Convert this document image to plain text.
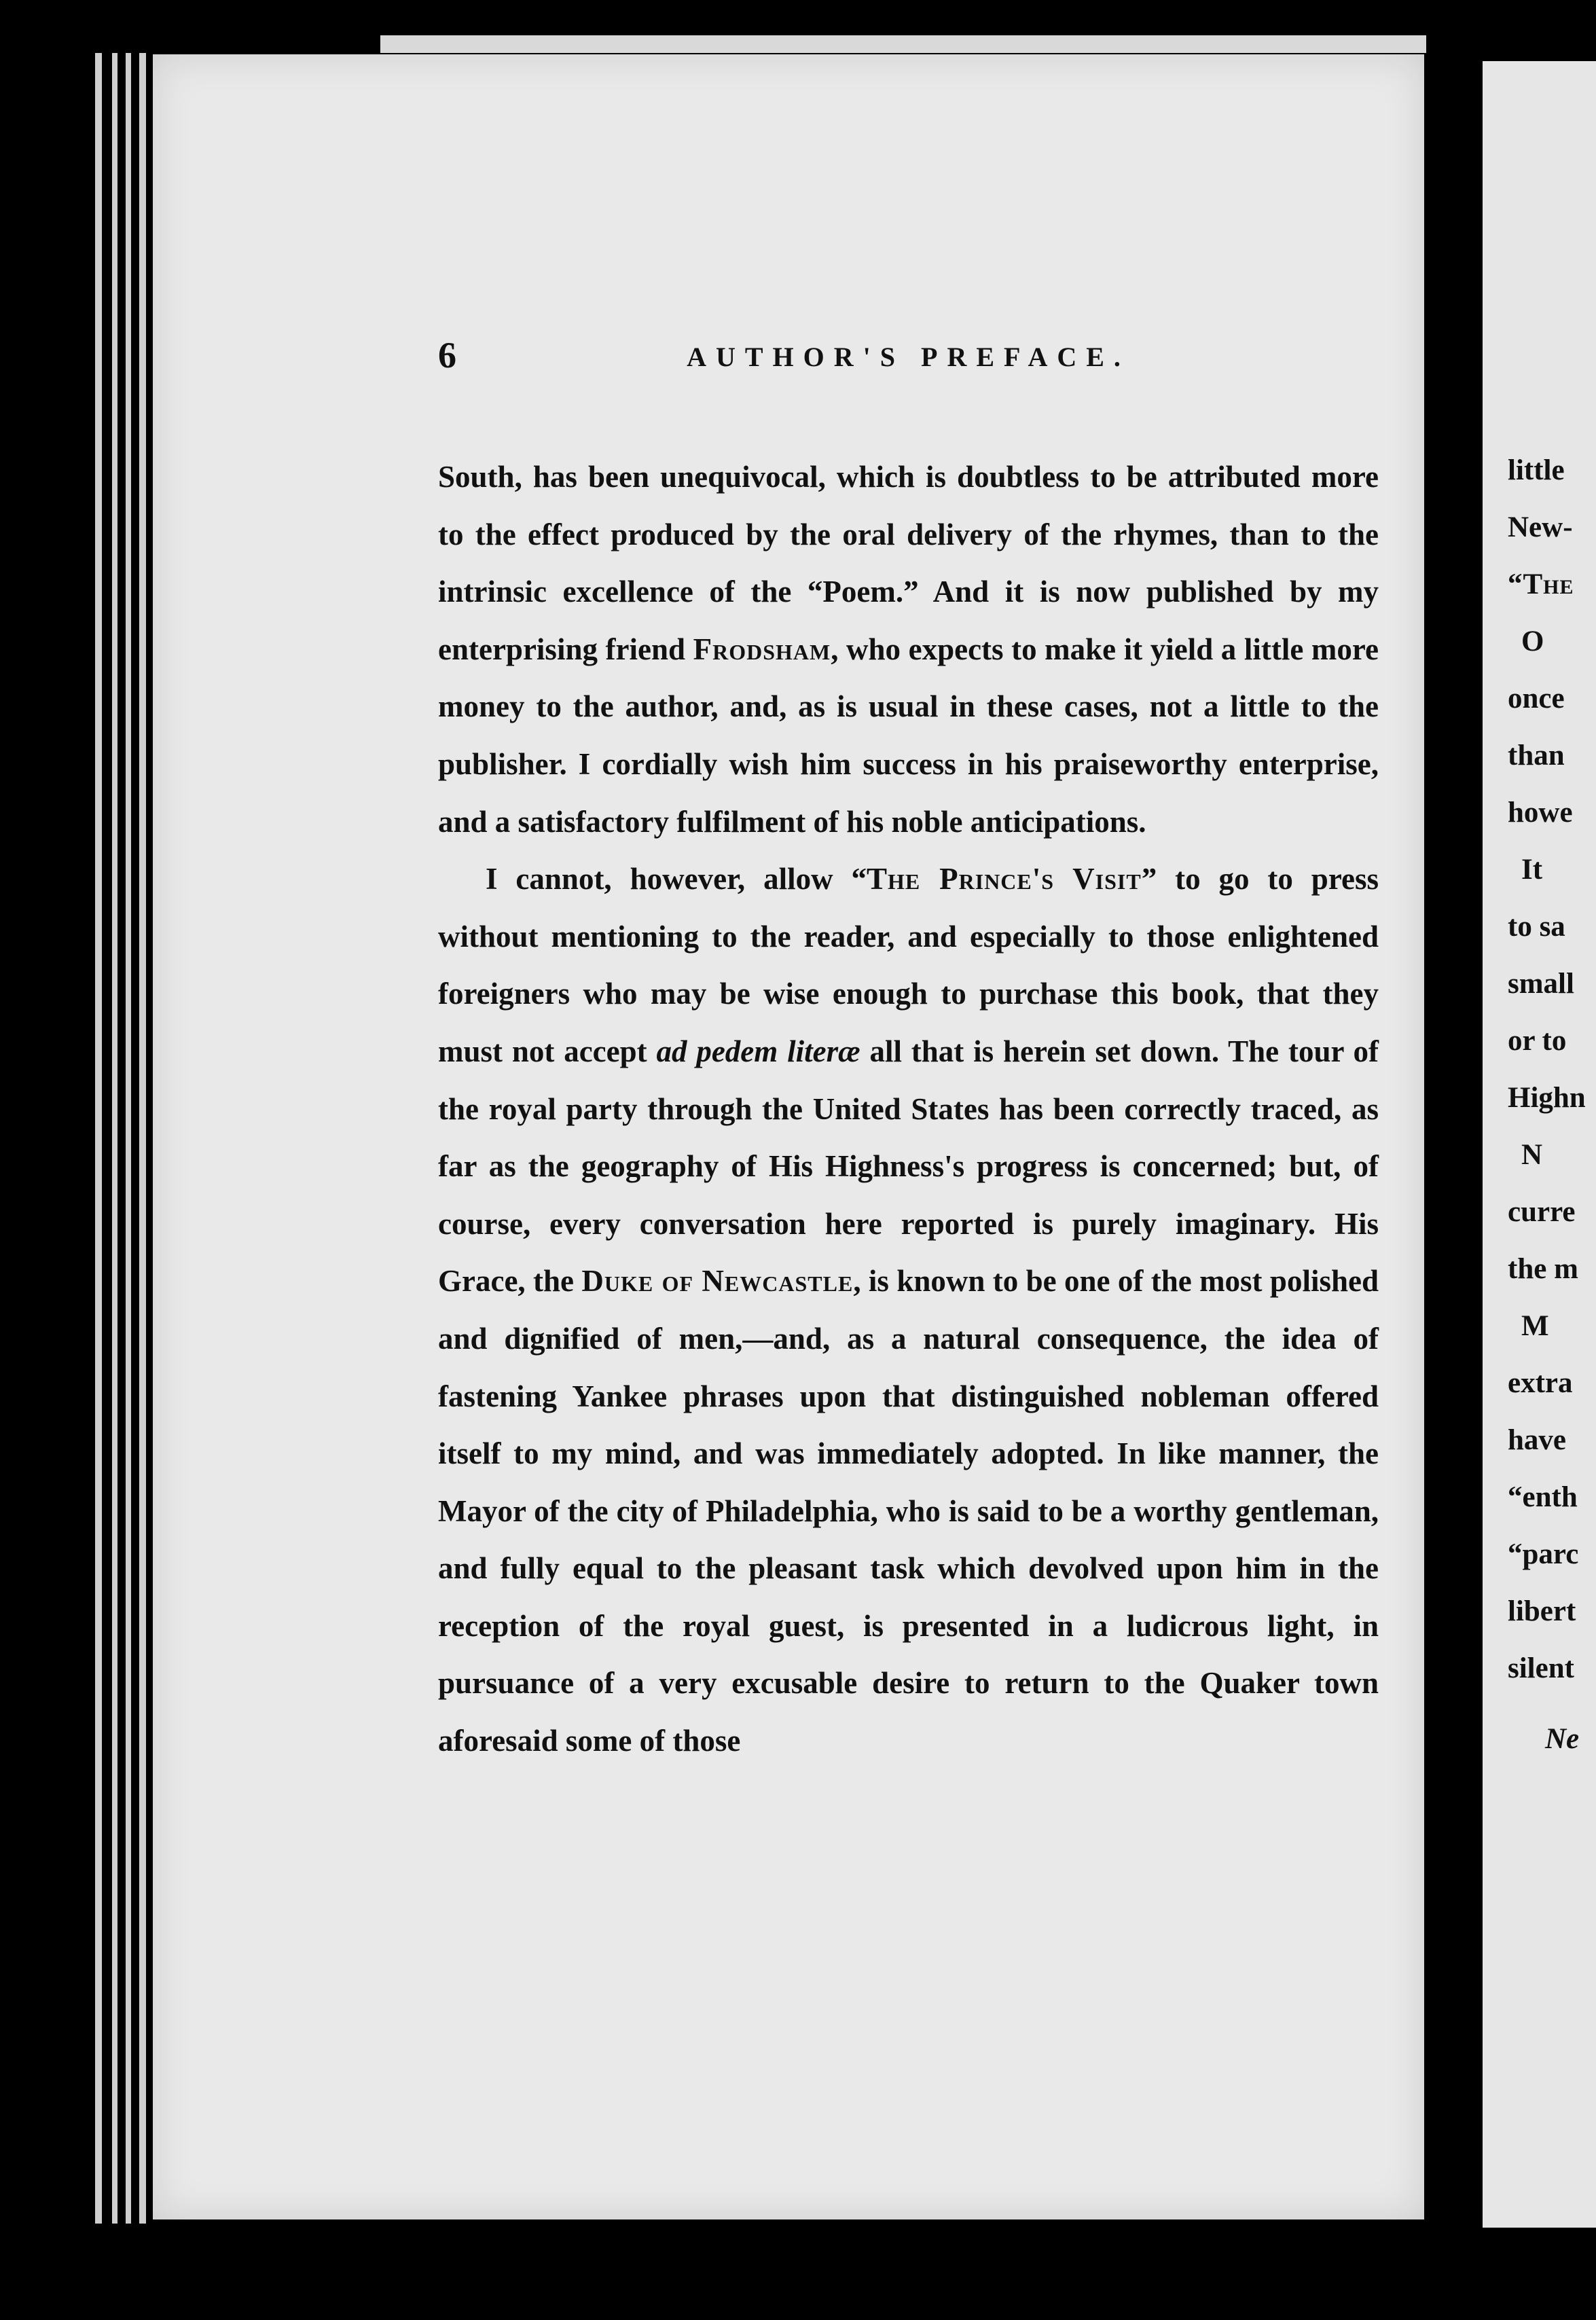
6	AUTHOR'S PREFACE.

South, has been unequivocal, which is doubtless to be attributed more to the effect produced by the oral delivery of the rhymes, than to the intrinsic excellence of the “Poem.” And it is now published by my enterprising friend Frodsham, who expects to make it yield a little more money to the author, and, as is usual in these cases, not a little to the publisher. I cordially wish him success in his praiseworthy enterprise, and a satisfactory fulfilment of his noble anticipations.

I cannot, however, allow “The Prince's Visit” to go to press without mentioning to the reader, and especially to those enlightened foreigners who may be wise enough to purchase this book, that they must not accept ad pedem literæ all that is herein set down. The tour of the royal party through the United States has been correctly traced, as far as the geography of His Highness's progress is concerned; but, of course, every conversation here reported is purely imaginary. His Grace, the Duke of Newcastle, is known to be one of the most polished and dignified of men,—and, as a natural consequence, the idea of fastening Yankee phrases upon that distinguished nobleman offered itself to my mind, and was immediately adopted. In like manner, the Mayor of the city of Philadelphia, who is said to be a worthy gentleman, and fully equal to the pleasant task which devolved upon him in the reception of the royal guest, is presented in a ludicrous light, in pursuance of a very excusable desire to return to the Quaker town aforesaid some of those

little
New-
“The
O
once
than
howe
It
to sa
small
or to
Highn
N
curre
the m
M
extra
have
“enth
“parc
libert
silent
Ne
